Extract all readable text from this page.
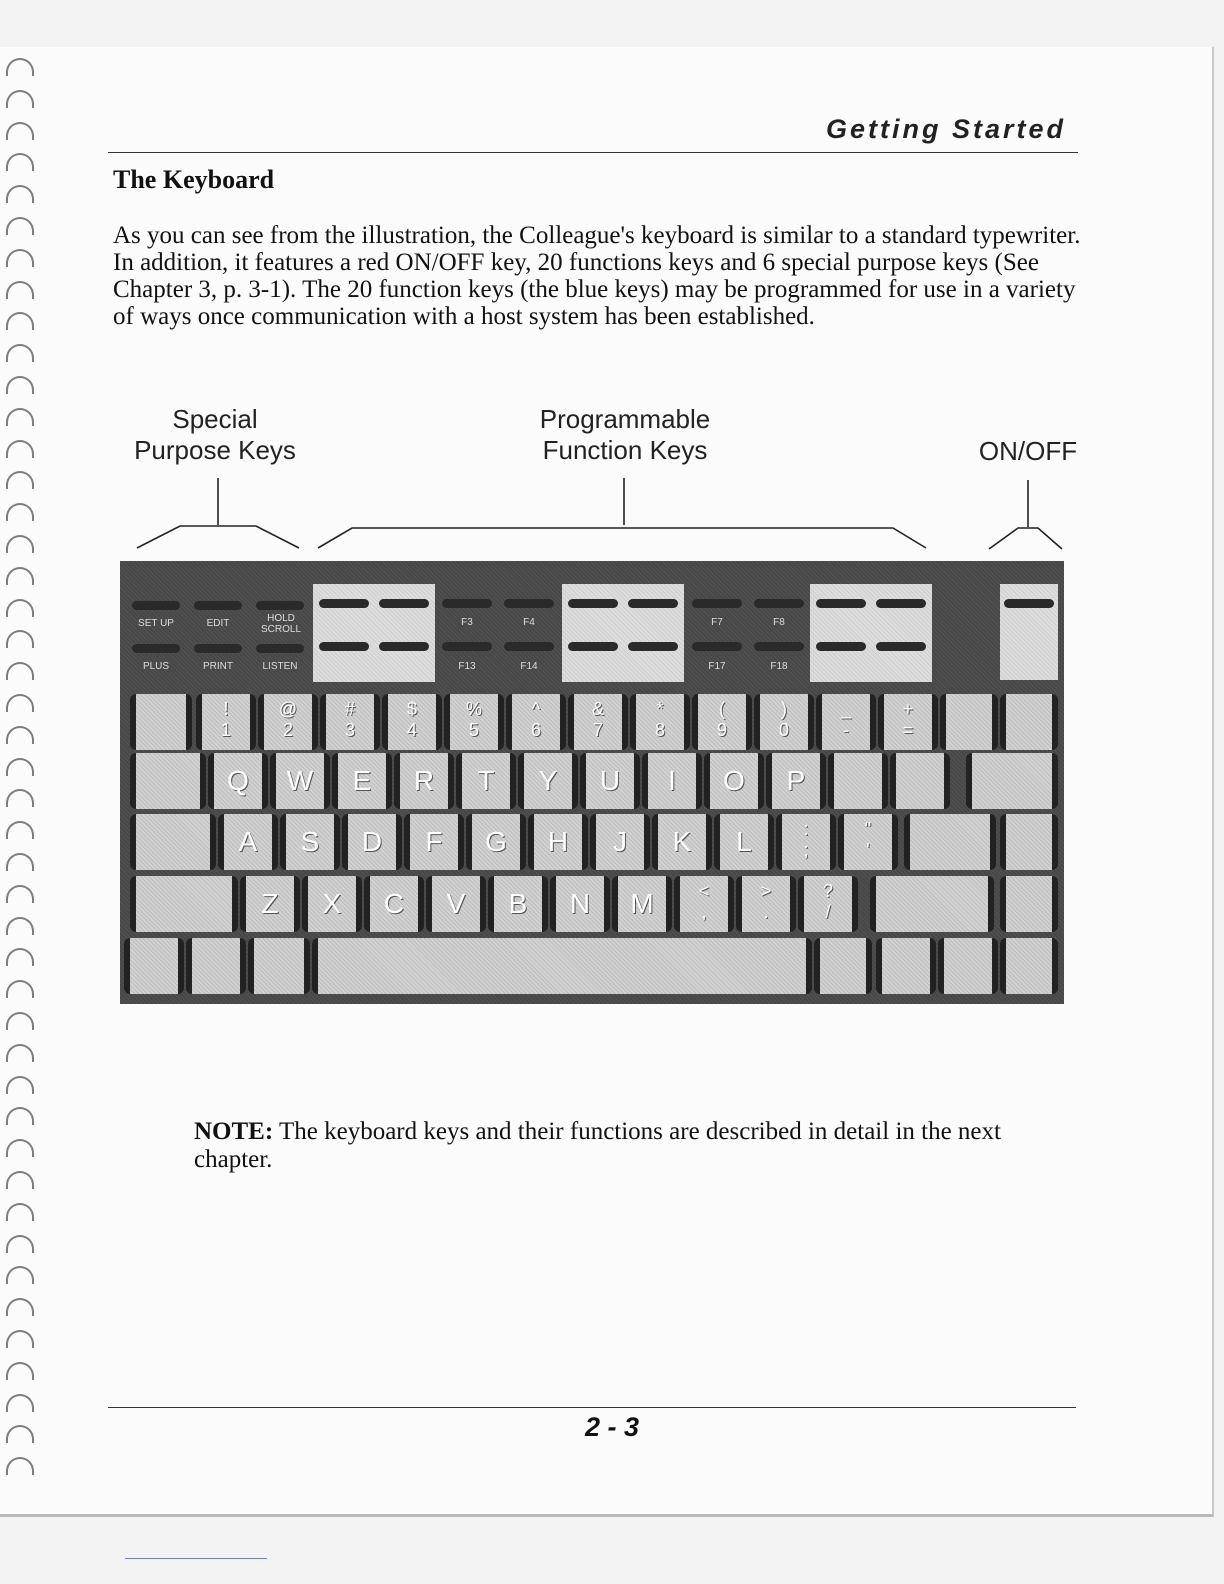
Getting Started
The Keyboard
As you can see from the illustration, the Colleague's keyboard is similar to a standard typewriter. In addition, it features a red ON/OFF key, 20 functions keys and 6 special purpose keys (See Chapter 3, p. 3-1). The 20 function keys (the blue keys) may be programmed for use in a variety of ways once communication with a host system has been established.
Special
Purpose Keys
Programmable
Function Keys	ON/OFF
SET UP	EDIT	HOLD SCROLL
PLUS	PRINT	LISTEN
F3	F4
F13	F14
F7	F8
F17	F18
!
1
@
2
#
3
$
4
%
5
^
6
&
7
*
8
(
9
)
0
_
-
+
=
Q	W	E	R	T	Y	U	I	O	P
A	S	D	F	G	H	J	K	L	:
;
"
'
Z	X	C	V	B	N	M	<
,
>
.
?
/
NOTE: The keyboard keys and their functions are described in detail in the next chapter.
2 - 3
